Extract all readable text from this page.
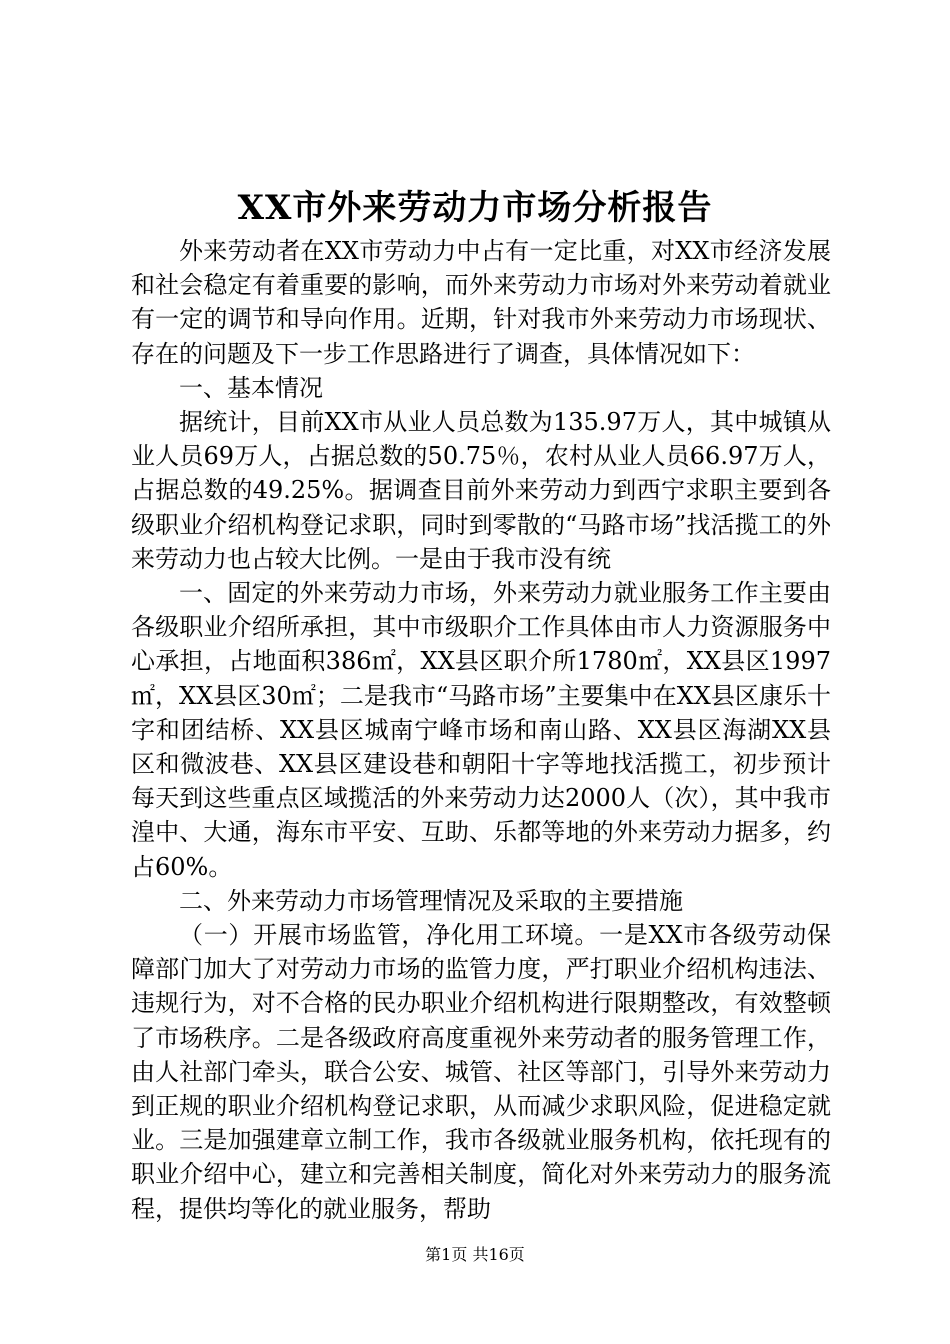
XX市外来劳动力市场分析报告

外来劳动者在XX市劳动力中占有一定比重，对XX市经济发展和社会稳定有着重要的影响，而外来劳动力市场对外来劳动着就业有一定的调节和导向作用。近期，针对我市外来劳动力市场现状、存在的问题及下一步工作思路进行了调查，具体情况如下：

一、基本情况

据统计，目前XX市从业人员总数为135.97万人，其中城镇从业人员69万人，占据总数的50.75％，农村从业人员66.97万人，占据总数的49.25%。据调查目前外来劳动力到西宁求职主要到各级职业介绍机构登记求职，同时到零散的“马路市场”找活揽工的外来劳动力也占较大比例。一是由于我市没有统

一、固定的外来劳动力市场，外来劳动力就业服务工作主要由各级职业介绍所承担，其中市级职介工作具体由市人力资源服务中心承担，占地面积386㎡，XX县区职介所1780㎡，XX县区1997㎡，XX县区30㎡；二是我市“马路市场”主要集中在XX县区康乐十字和团结桥、XX县区城南宁峰市场和南山路、XX县区海湖XX县区和微波巷、XX县区建设巷和朝阳十字等地找活揽工，初步预计每天到这些重点区域揽活的外来劳动力达2000人（次），其中我市湟中、大通，海东市平安、互助、乐都等地的外来劳动力据多，约占60%。

二、外来劳动力市场管理情况及采取的主要措施

（一）开展市场监管，净化用工环境。一是XX市各级劳动保障部门加大了对劳动力市场的监管力度，严打职业介绍机构违法、违规行为，对不合格的民办职业介绍机构进行限期整改，有效整顿了市场秩序。二是各级政府高度重视外来劳动者的服务管理工作，由人社部门牵头，联合公安、城管、社区等部门，引导外来劳动力到正规的职业介绍机构登记求职，从而减少求职风险，促进稳定就业。三是加强建章立制工作，我市各级就业服务机构，依托现有的职业介绍中心，建立和完善相关制度，简化对外来劳动力的服务流程，提供均等化的就业服务，帮助

第1页 共16页
